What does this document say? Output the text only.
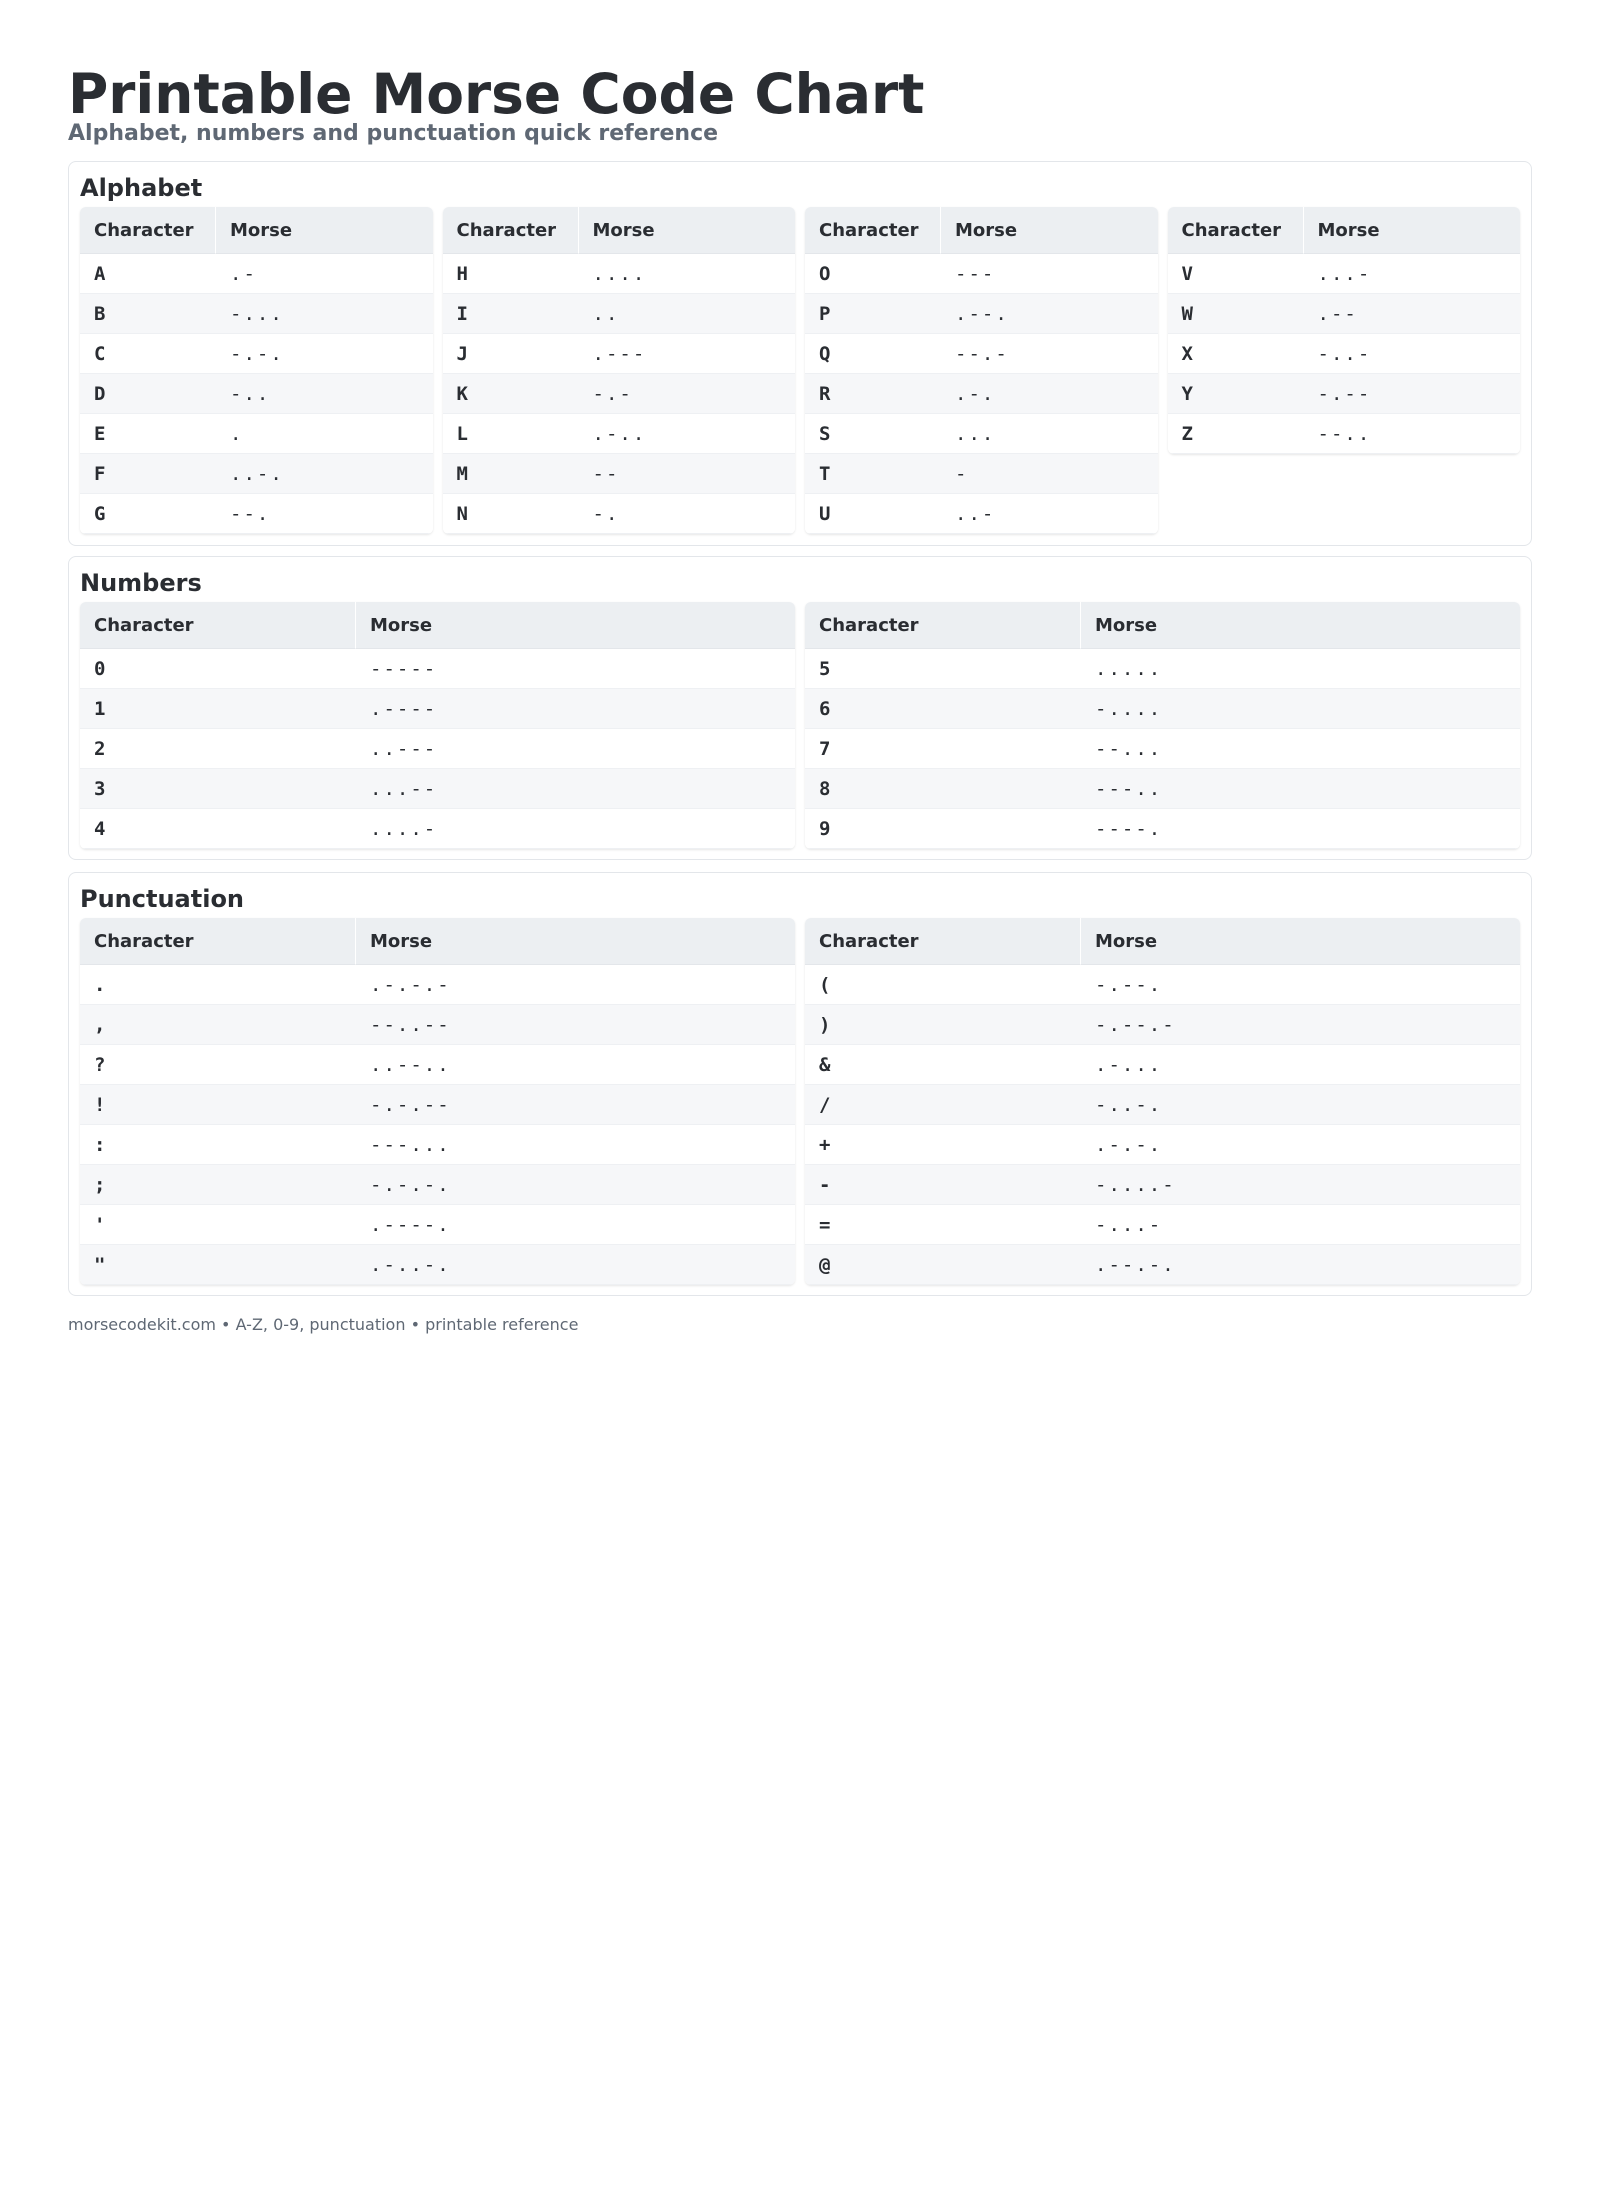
Printable Morse Code Chart
Alphabet, numbers and punctuation quick reference
Alphabet
Character	Morse
A	.-
B	-...
C	-.-.
D	-..
E	.
F	..-.
G	--.
Character	Morse
H	....
I	..
J	.---
K	-.-
L	.-..
M	--
N	-.
Character	Morse
O	---
P	.--.
Q	--.-
R	.-.
S	...
T	-
U	..-
Character	Morse
V	...-
W	.--
X	-..-
Y	-.--
Z	--..
Numbers
Character	Morse
0	-----
1	.----
2	..---
3	...--
4	....-
Character	Morse
5	.....
6	-....
7	--...
8	---..
9	----.
Punctuation
Character	Morse
.	.-.-.-
,	--..--
?	..--..
!	-.-.--
:	---...
;	-.-.-.
'	.----.
"	.-..-.
Character	Morse
(	-.--.
)	-.--.-
&	.-...
/	-..-.
+	.-.-.
-	-....-
=	-...-
@	.--.-.
morsecodekit.com • A-Z, 0-9, punctuation • printable reference
